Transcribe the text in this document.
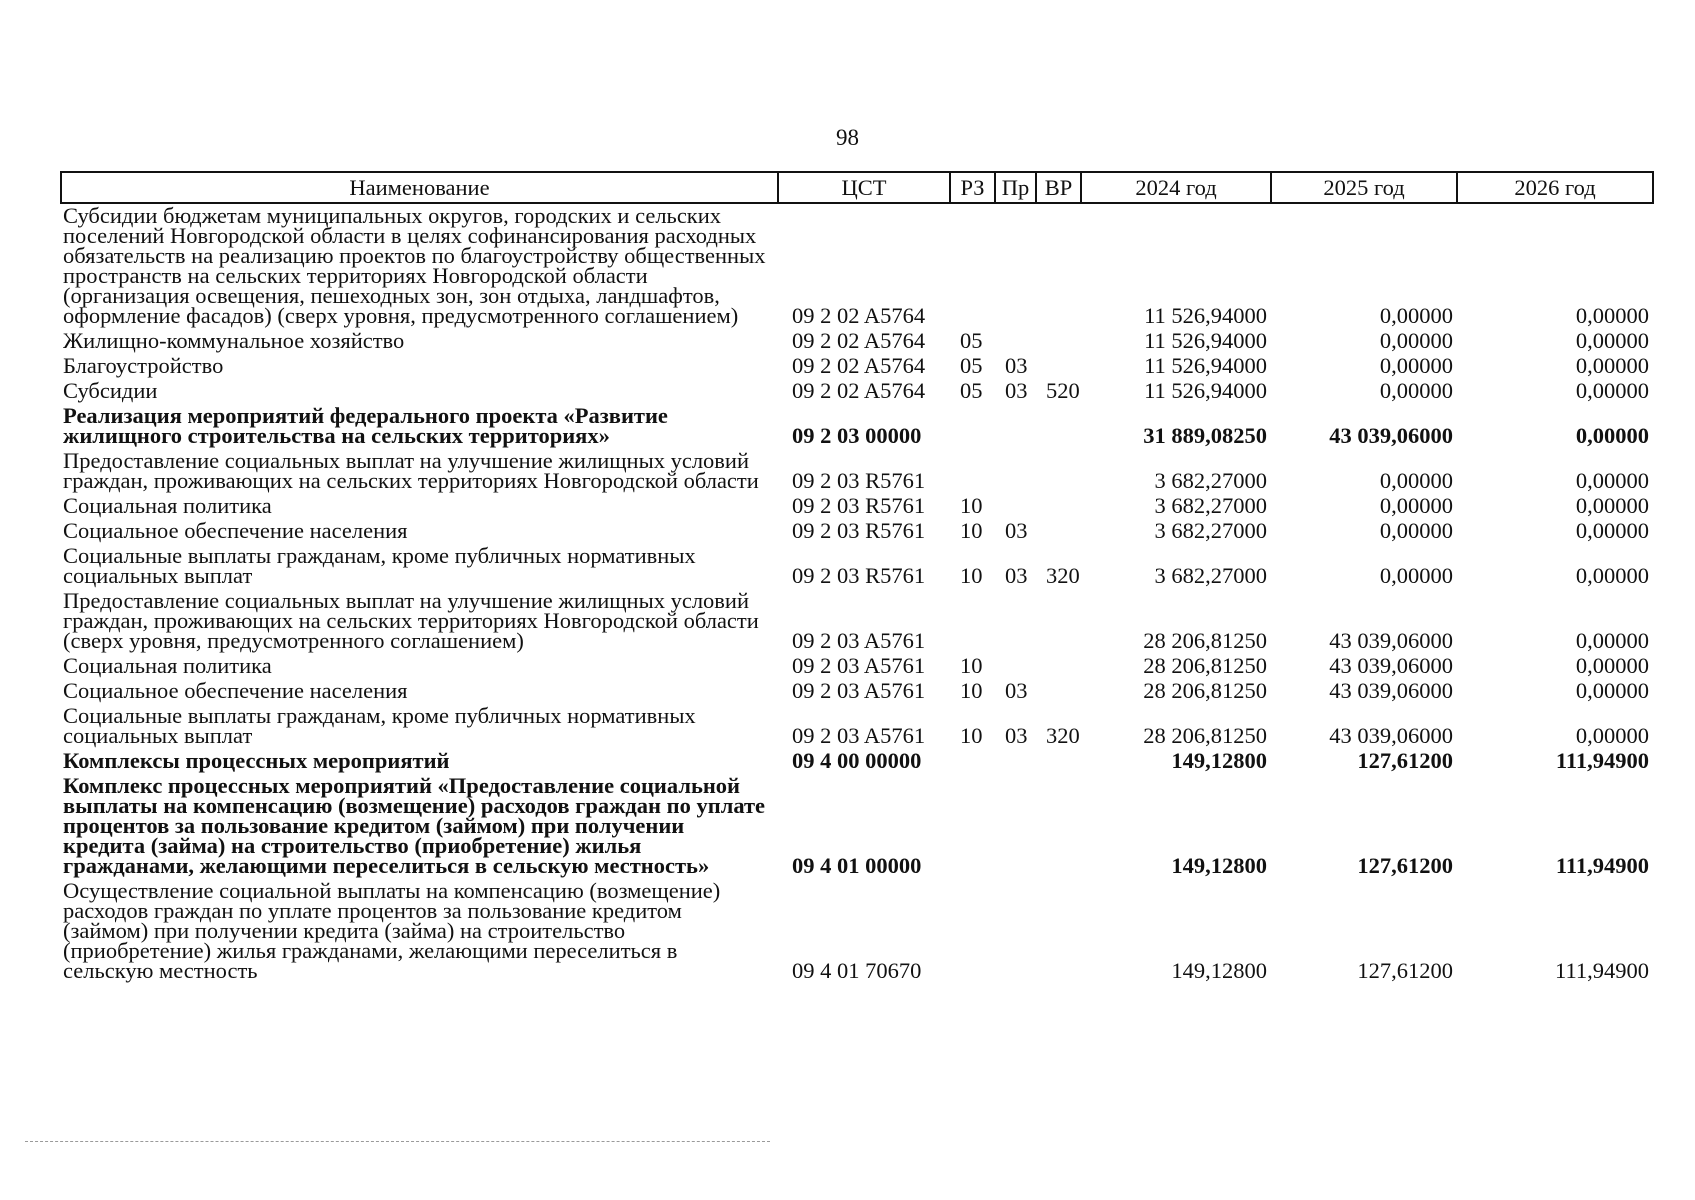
98
Наименование	ЦСТ	РЗ	Пр	ВР	2024 год	2025 год	2026 год
Субсидии бюджетам муниципальных округов, городских и сельских поселений Новгородской области в целях софинансирования расходных обязательств на реализацию проектов по благоустройству общественных пространств на сельских территориях Новгородской области (организация освещения, пешеходных зон, зон отдыха, ландшафтов, оформление фасадов) (сверх уровня, предусмотренного соглашением)	09 2 02 A5764				11 526,94000	0,00000	0,00000
Жилищно-коммунальное хозяйство	09 2 02 A5764	05			11 526,94000	0,00000	0,00000
Благоустройство	09 2 02 A5764	05	03		11 526,94000	0,00000	0,00000
Субсидии	09 2 02 A5764	05	03	520	11 526,94000	0,00000	0,00000
Реализация мероприятий федерального проекта «Развитие жилищного строительства на сельских территориях»	09 2 03 00000				31 889,08250	43 039,06000	0,00000
Предоставление социальных выплат на улучшение жилищных условий граждан, проживающих на сельских территориях Новгородской области	09 2 03 R5761				3 682,27000	0,00000	0,00000
Социальная политика	09 2 03 R5761	10			3 682,27000	0,00000	0,00000
Социальное обеспечение населения	09 2 03 R5761	10	03		3 682,27000	0,00000	0,00000
Социальные выплаты гражданам, кроме публичных нормативных социальных выплат	09 2 03 R5761	10	03	320	3 682,27000	0,00000	0,00000
Предоставление социальных выплат на улучшение жилищных условий граждан, проживающих на сельских территориях Новгородской области (сверх уровня, предусмотренного соглашением)	09 2 03 A5761				28 206,81250	43 039,06000	0,00000
Социальная политика	09 2 03 A5761	10			28 206,81250	43 039,06000	0,00000
Социальное обеспечение населения	09 2 03 A5761	10	03		28 206,81250	43 039,06000	0,00000
Социальные выплаты гражданам, кроме публичных нормативных социальных выплат	09 2 03 A5761	10	03	320	28 206,81250	43 039,06000	0,00000
Комплексы процессных мероприятий	09 4 00 00000				149,12800	127,61200	111,94900
Комплекс процессных мероприятий «Предоставление социальной выплаты на компенсацию (возмещение) расходов граждан по уплате процентов за пользование кредитом (займом) при получении кредита (займа) на строительство (приобретение) жилья гражданами, желающими переселиться в сельскую местность»	09 4 01 00000				149,12800	127,61200	111,94900
Осуществление социальной выплаты на компенсацию (возмещение) расходов граждан по уплате процентов за пользование кредитом (займом) при получении кредита (займа) на строительство (приобретение) жилья гражданами, желающими переселиться в сельскую местность	09 4 01 70670				149,12800	127,61200	111,94900
